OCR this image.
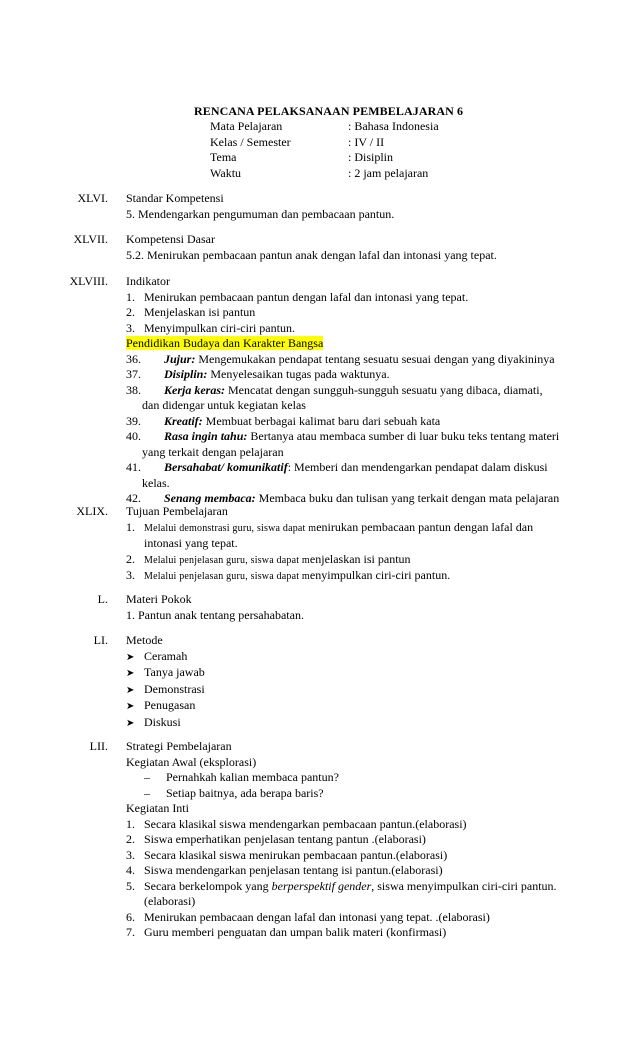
RENCANA PELAKSANAAN PEMBELAJARAN 6
Mata Pelajaran	: Bahasa Indonesia
Kelas / Semester	: IV / II
Tema	: Disiplin
Waktu	: 2 jam pelajaran
XLVI. Standar Kompetensi
5. Mendengarkan pengumuman dan pembacaan pantun.
XLVII. Kompetensi Dasar
5.2. Menirukan pembacaan pantun anak dengan lafal dan intonasi yang tepat.
XLVIII. Indikator
1. Menirukan pembacaan pantun dengan lafal dan intonasi yang tepat.
2. Menjelaskan isi pantun
3. Menyimpulkan ciri-ciri pantun.
Pendidikan Budaya dan Karakter Bangsa
36. Jujur: Mengemukakan pendapat tentang sesuatu sesuai dengan yang diyakininya
37. Disiplin: Menyelesaikan tugas pada waktunya.
38. Kerja keras: Mencatat dengan sungguh-sungguh sesuatu yang dibaca, diamati,
dan didengar untuk kegiatan kelas
39. Kreatif: Membuat berbagai kalimat baru dari sebuah kata
40. Rasa ingin tahu: Bertanya atau membaca sumber di luar buku teks tentang materi
yang terkait dengan pelajaran
41. Bersahabat/ komunikatif: Memberi dan mendengarkan pendapat dalam diskusi
kelas.
42. Senang membaca: Membaca buku dan tulisan yang terkait dengan mata pelajaran
XLIX. Tujuan Pembelajaran
1. Melalui demonstrasi guru, siswa dapat menirukan pembacaan pantun dengan lafal dan
intonasi yang tepat.
2. Melalui penjelasan guru, siswa dapat menjelaskan isi pantun
3. Melalui penjelasan guru, siswa dapat menyimpulkan ciri-ciri pantun.
L. Materi Pokok
1. Pantun anak tentang persahabatan.
LI. Metode
➤ Ceramah
➤ Tanya jawab
➤ Demonstrasi
➤ Penugasan
➤ Diskusi
LII. Strategi Pembelajaran
Kegiatan Awal (eksplorasi)
– Pernahkah kalian membaca pantun?
– Setiap baitnya, ada berapa baris?
Kegiatan Inti
1. Secara klasikal siswa mendengarkan pembacaan pantun.(elaborasi)
2. Siswa emperhatikan penjelasan tentang pantun .(elaborasi)
3. Secara klasikal siswa menirukan pembacaan pantun.(elaborasi)
4. Siswa mendengarkan penjelasan tentang isi pantun.(elaborasi)
5. Secara berkelompok yang berperspektif gender, siswa menyimpulkan ciri-ciri pantun.
(elaborasi)
6. Menirukan pembacaan dengan lafal dan intonasi yang tepat. .(elaborasi)
7. Guru memberi penguatan dan umpan balik materi (konfirmasi)
